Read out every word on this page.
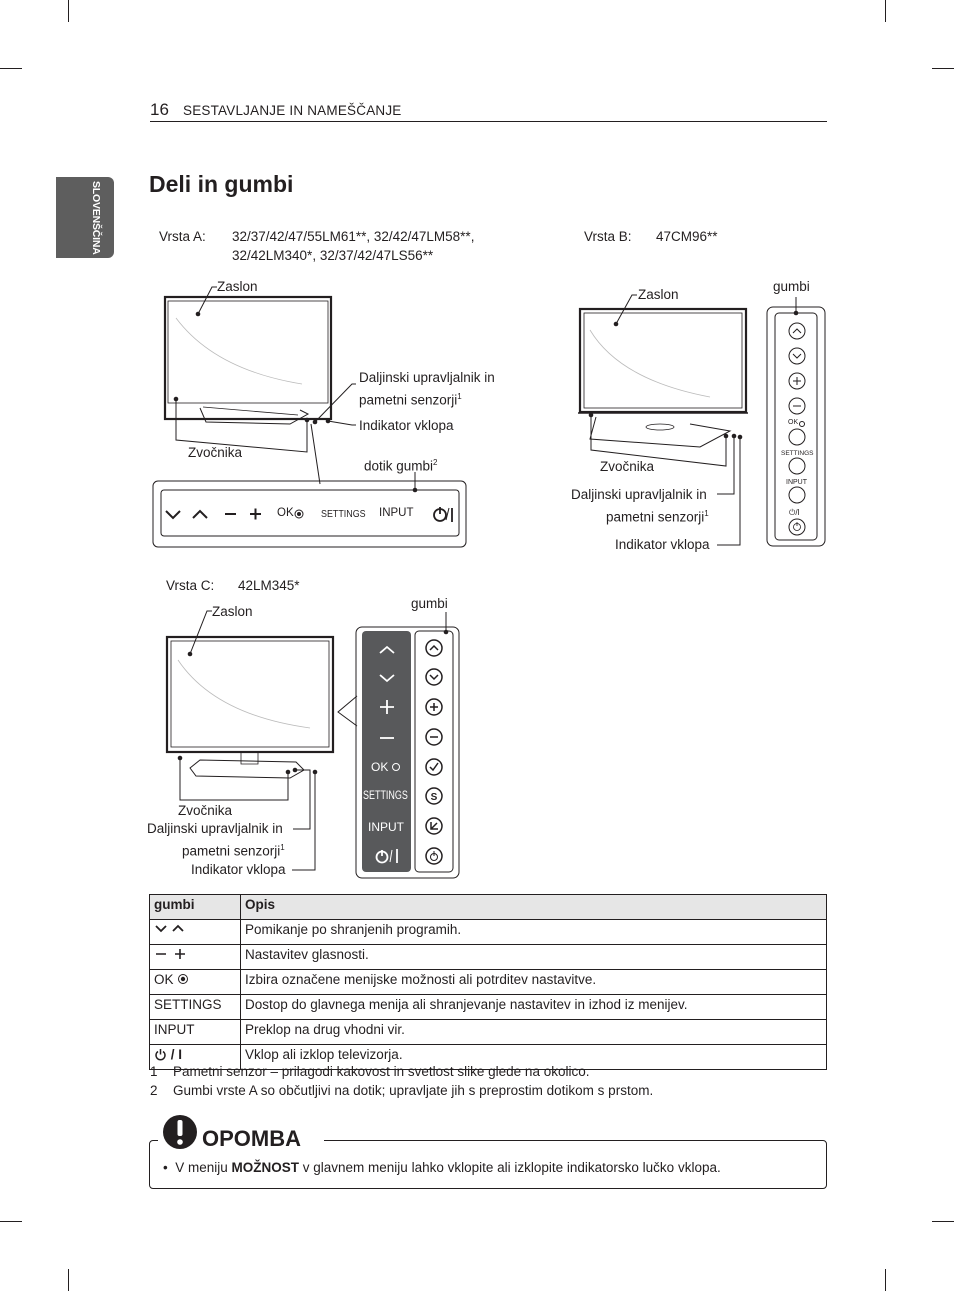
16 SESTAVLJANJE IN NAMEŠČANJE
SLOVENŠČINA Deli in gumbi
Vrsta A: 32/37/42/47/55LM61**, 32/42/47LM58**,
32/42LM340*, 32/37/42/47LS56**
S
Zaslon
Daljinski upravljalnik in
pametni senzorji$^1$
Indikator vklopa
Zvočnika
dotik gumbi$^2$
OK	SETTINGS INPUT
Vrsta B: 47CM96**
Zaslon
gumbi
Zvočnika
Daljinski upravljalnik in
pametni senzorji$^1$
Indikator vklopa
OK
SETTINGS
INPUT
⏻/I
Vrsta C: 42LM345*
Zaslon
gumbi
Zvočnika
Daljinski upravljalnik in
pametni senzorji$^1$
Indikator vklopa
OK
SETTINGS
INPUT
gumbi	Opis
	Pomikanje po shranjenih programih.
	Nastavitev glasnosti.
OK	Izbira označene menijske možnosti ali potrditev nastavitve.
SETTINGS	Dostop do glavnega menija ali shranjevanje nastavitev in izhod iz menijev.
INPUT	Preklop na drug vhodni vir.
/ I	Vklop ali izklop televizorja.
1 Pametni senzor – prilagodi kakovost in svetlost slike glede na okolico.
2 Gumbi vrste A so občutljivi na dotik; upravljate jih s preprostim dotikom s prstom.
OPOMBA
•  V meniju MOŽNOST v glavnem meniju lahko vklopite ali izklopite indikatorsko lučko vklopa.
